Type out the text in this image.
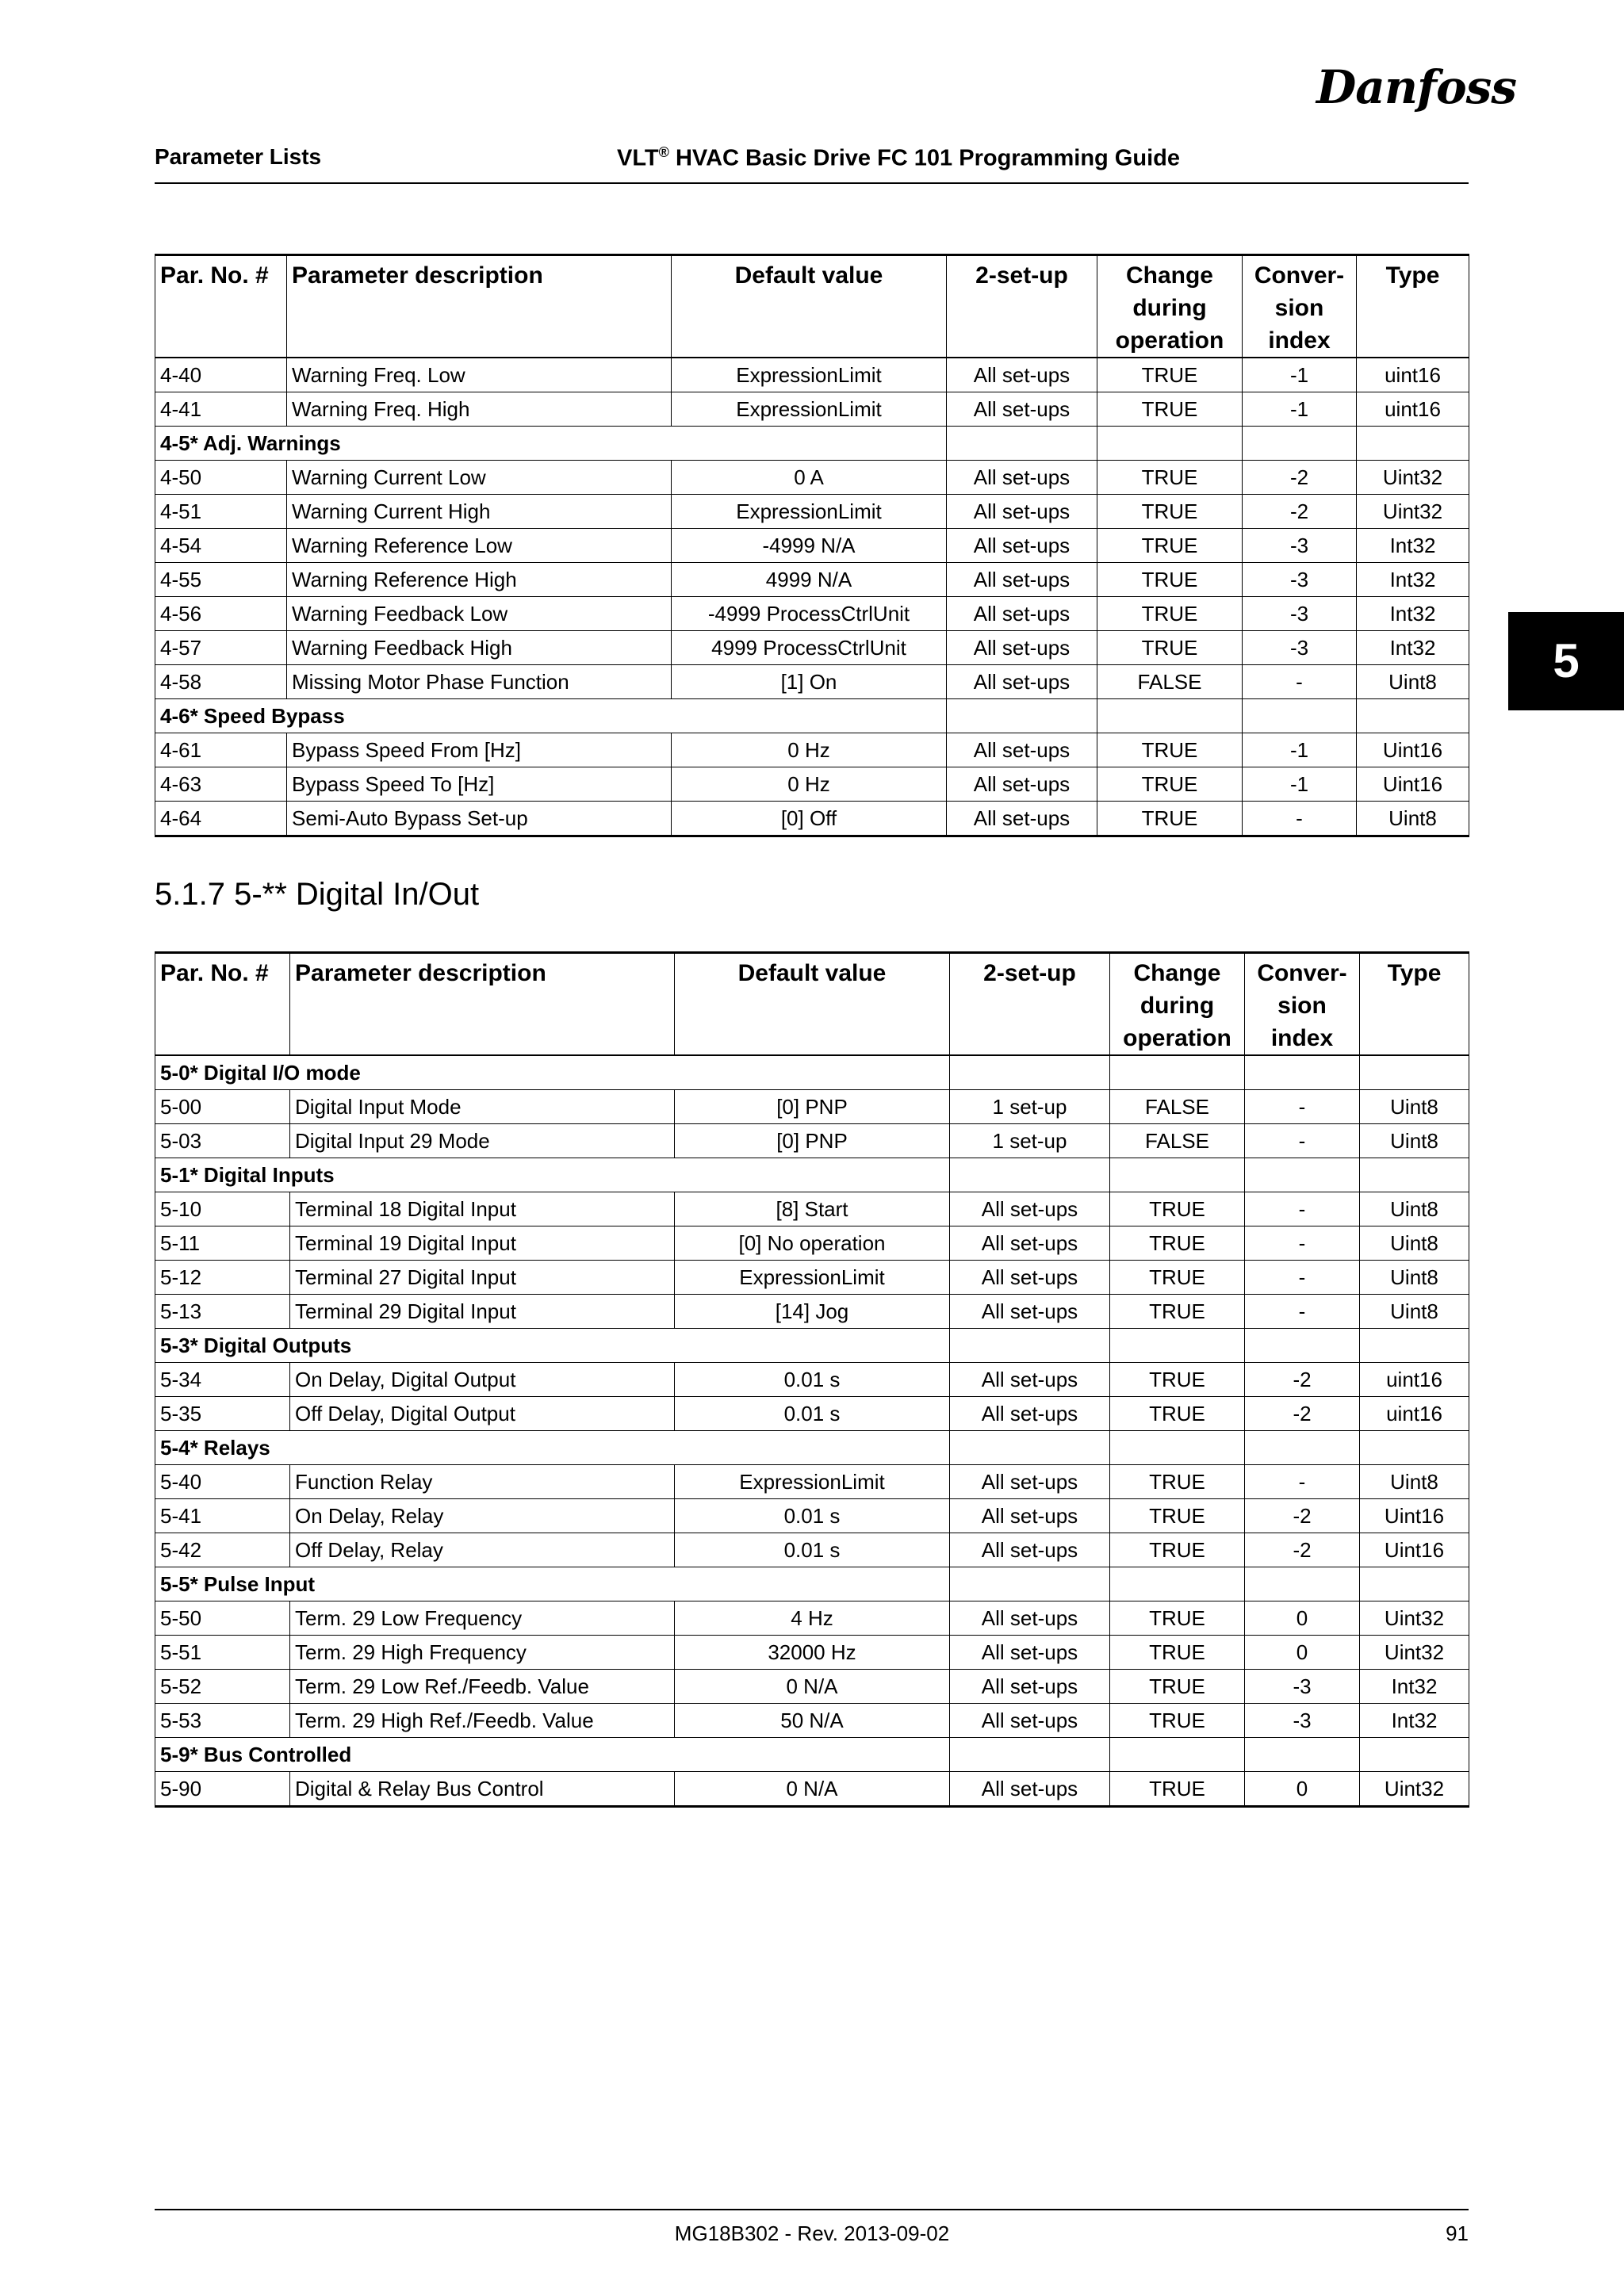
Danfoss
Parameter Lists	VLT® HVAC Basic Drive FC 101 Programming Guide
5
Par. No. #	Parameter description	Default value	2-set-up	Change during operation	Conver-sion index	Type
4-40	Warning Freq. Low	ExpressionLimit	All set-ups	TRUE	-1	uint16
4-41	Warning Freq. High	ExpressionLimit	All set-ups	TRUE	-1	uint16
4-5* Adj. Warnings						
4-50	Warning Current Low	0 A	All set-ups	TRUE	-2	Uint32
4-51	Warning Current High	ExpressionLimit	All set-ups	TRUE	-2	Uint32
4-54	Warning Reference Low	-4999 N/A	All set-ups	TRUE	-3	Int32
4-55	Warning Reference High	4999 N/A	All set-ups	TRUE	-3	Int32
4-56	Warning Feedback Low	-4999 ProcessCtrlUnit	All set-ups	TRUE	-3	Int32
4-57	Warning Feedback High	4999 ProcessCtrlUnit	All set-ups	TRUE	-3	Int32
4-58	Missing Motor Phase Function	[1] On	All set-ups	FALSE	-	Uint8
4-6* Speed Bypass						
4-61	Bypass Speed From [Hz]	0 Hz	All set-ups	TRUE	-1	Uint16
4-63	Bypass Speed To [Hz]	0 Hz	All set-ups	TRUE	-1	Uint16
4-64	Semi-Auto Bypass Set-up	[0] Off	All set-ups	TRUE	-	Uint8
5.1.7 5-** Digital In/Out
Par. No. #	Parameter description	Default value	2-set-up	Change during operation	Conver-sion index	Type
5-0* Digital I/O mode						
5-00	Digital Input Mode	[0] PNP	1 set-up	FALSE	-	Uint8
5-03	Digital Input 29 Mode	[0] PNP	1 set-up	FALSE	-	Uint8
5-1* Digital Inputs						
5-10	Terminal 18 Digital Input	[8] Start	All set-ups	TRUE	-	Uint8
5-11	Terminal 19 Digital Input	[0] No operation	All set-ups	TRUE	-	Uint8
5-12	Terminal 27 Digital Input	ExpressionLimit	All set-ups	TRUE	-	Uint8
5-13	Terminal 29 Digital Input	[14] Jog	All set-ups	TRUE	-	Uint8
5-3* Digital Outputs						
5-34	On Delay, Digital Output	0.01 s	All set-ups	TRUE	-2	uint16
5-35	Off Delay, Digital Output	0.01 s	All set-ups	TRUE	-2	uint16
5-4* Relays						
5-40	Function Relay	ExpressionLimit	All set-ups	TRUE	-	Uint8
5-41	On Delay, Relay	0.01 s	All set-ups	TRUE	-2	Uint16
5-42	Off Delay, Relay	0.01 s	All set-ups	TRUE	-2	Uint16
5-5* Pulse Input						
5-50	Term. 29 Low Frequency	4 Hz	All set-ups	TRUE	0	Uint32
5-51	Term. 29 High Frequency	32000 Hz	All set-ups	TRUE	0	Uint32
5-52	Term. 29 Low Ref./Feedb. Value	0 N/A	All set-ups	TRUE	-3	Int32
5-53	Term. 29 High Ref./Feedb. Value	50 N/A	All set-ups	TRUE	-3	Int32
5-9* Bus Controlled						
5-90	Digital & Relay Bus Control	0 N/A	All set-ups	TRUE	0	Uint32
MG18B302 - Rev. 2013-09-02	91
